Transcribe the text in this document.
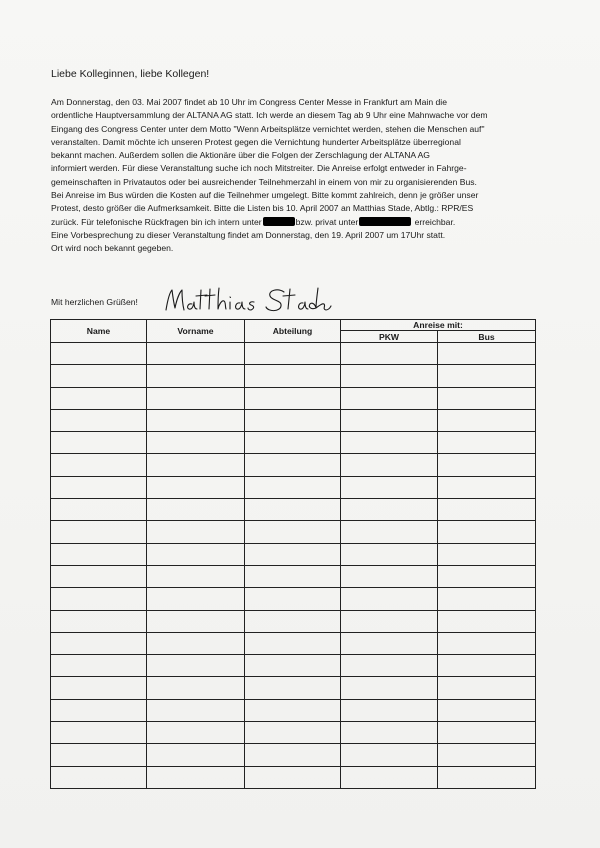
Liebe Kolleginnen, liebe Kollegen!
Am Donnerstag, den 03. Mai 2007 findet ab 10 Uhr im Congress Center Messe in Frankfurt am Main die
ordentliche Hauptversammlung der ALTANA AG statt. Ich werde an diesem Tag ab 9 Uhr eine Mahnwache vor dem
Eingang des Congress Center unter dem Motto "Wenn Arbeitsplätze vernichtet werden, stehen die Menschen auf"
veranstalten. Damit möchte ich unseren Protest gegen die Vernichtung hunderter Arbeitsplätze überregional
bekannt machen. Außerdem sollen die Aktionäre über die Folgen der Zerschlagung der ALTANA AG
informiert werden. Für diese Veranstaltung suche ich noch Mitstreiter. Die Anreise erfolgt entweder in Fahrge-
gemeinschaften in Privatautos oder bei ausreichender Teilnehmerzahl in einem von mir zu organisierenden Bus.
Bei Anreise im Bus würden die Kosten auf die Teilnehmer umgelegt. Bitte kommt zahlreich, denn je größer unser
Protest, desto größer die Aufmerksamkeit. Bitte die Listen bis 10. April 2007 an Matthias Stade, Abtlg.: RPR/ES
zurück. Für telefonische Rückfragen bin ich intern unter	bzw. privat unter	erreichbar.
Eine Vorbesprechung zu dieser Veranstaltung findet am Donnerstag, den 19. April 2007 um 17Uhr statt.
Ort wird noch bekannt gegeben.
Mit herzlichen Grüßen!
Name	Vorname	Abteilung	Anreise mit:	
			PKW	Bus
